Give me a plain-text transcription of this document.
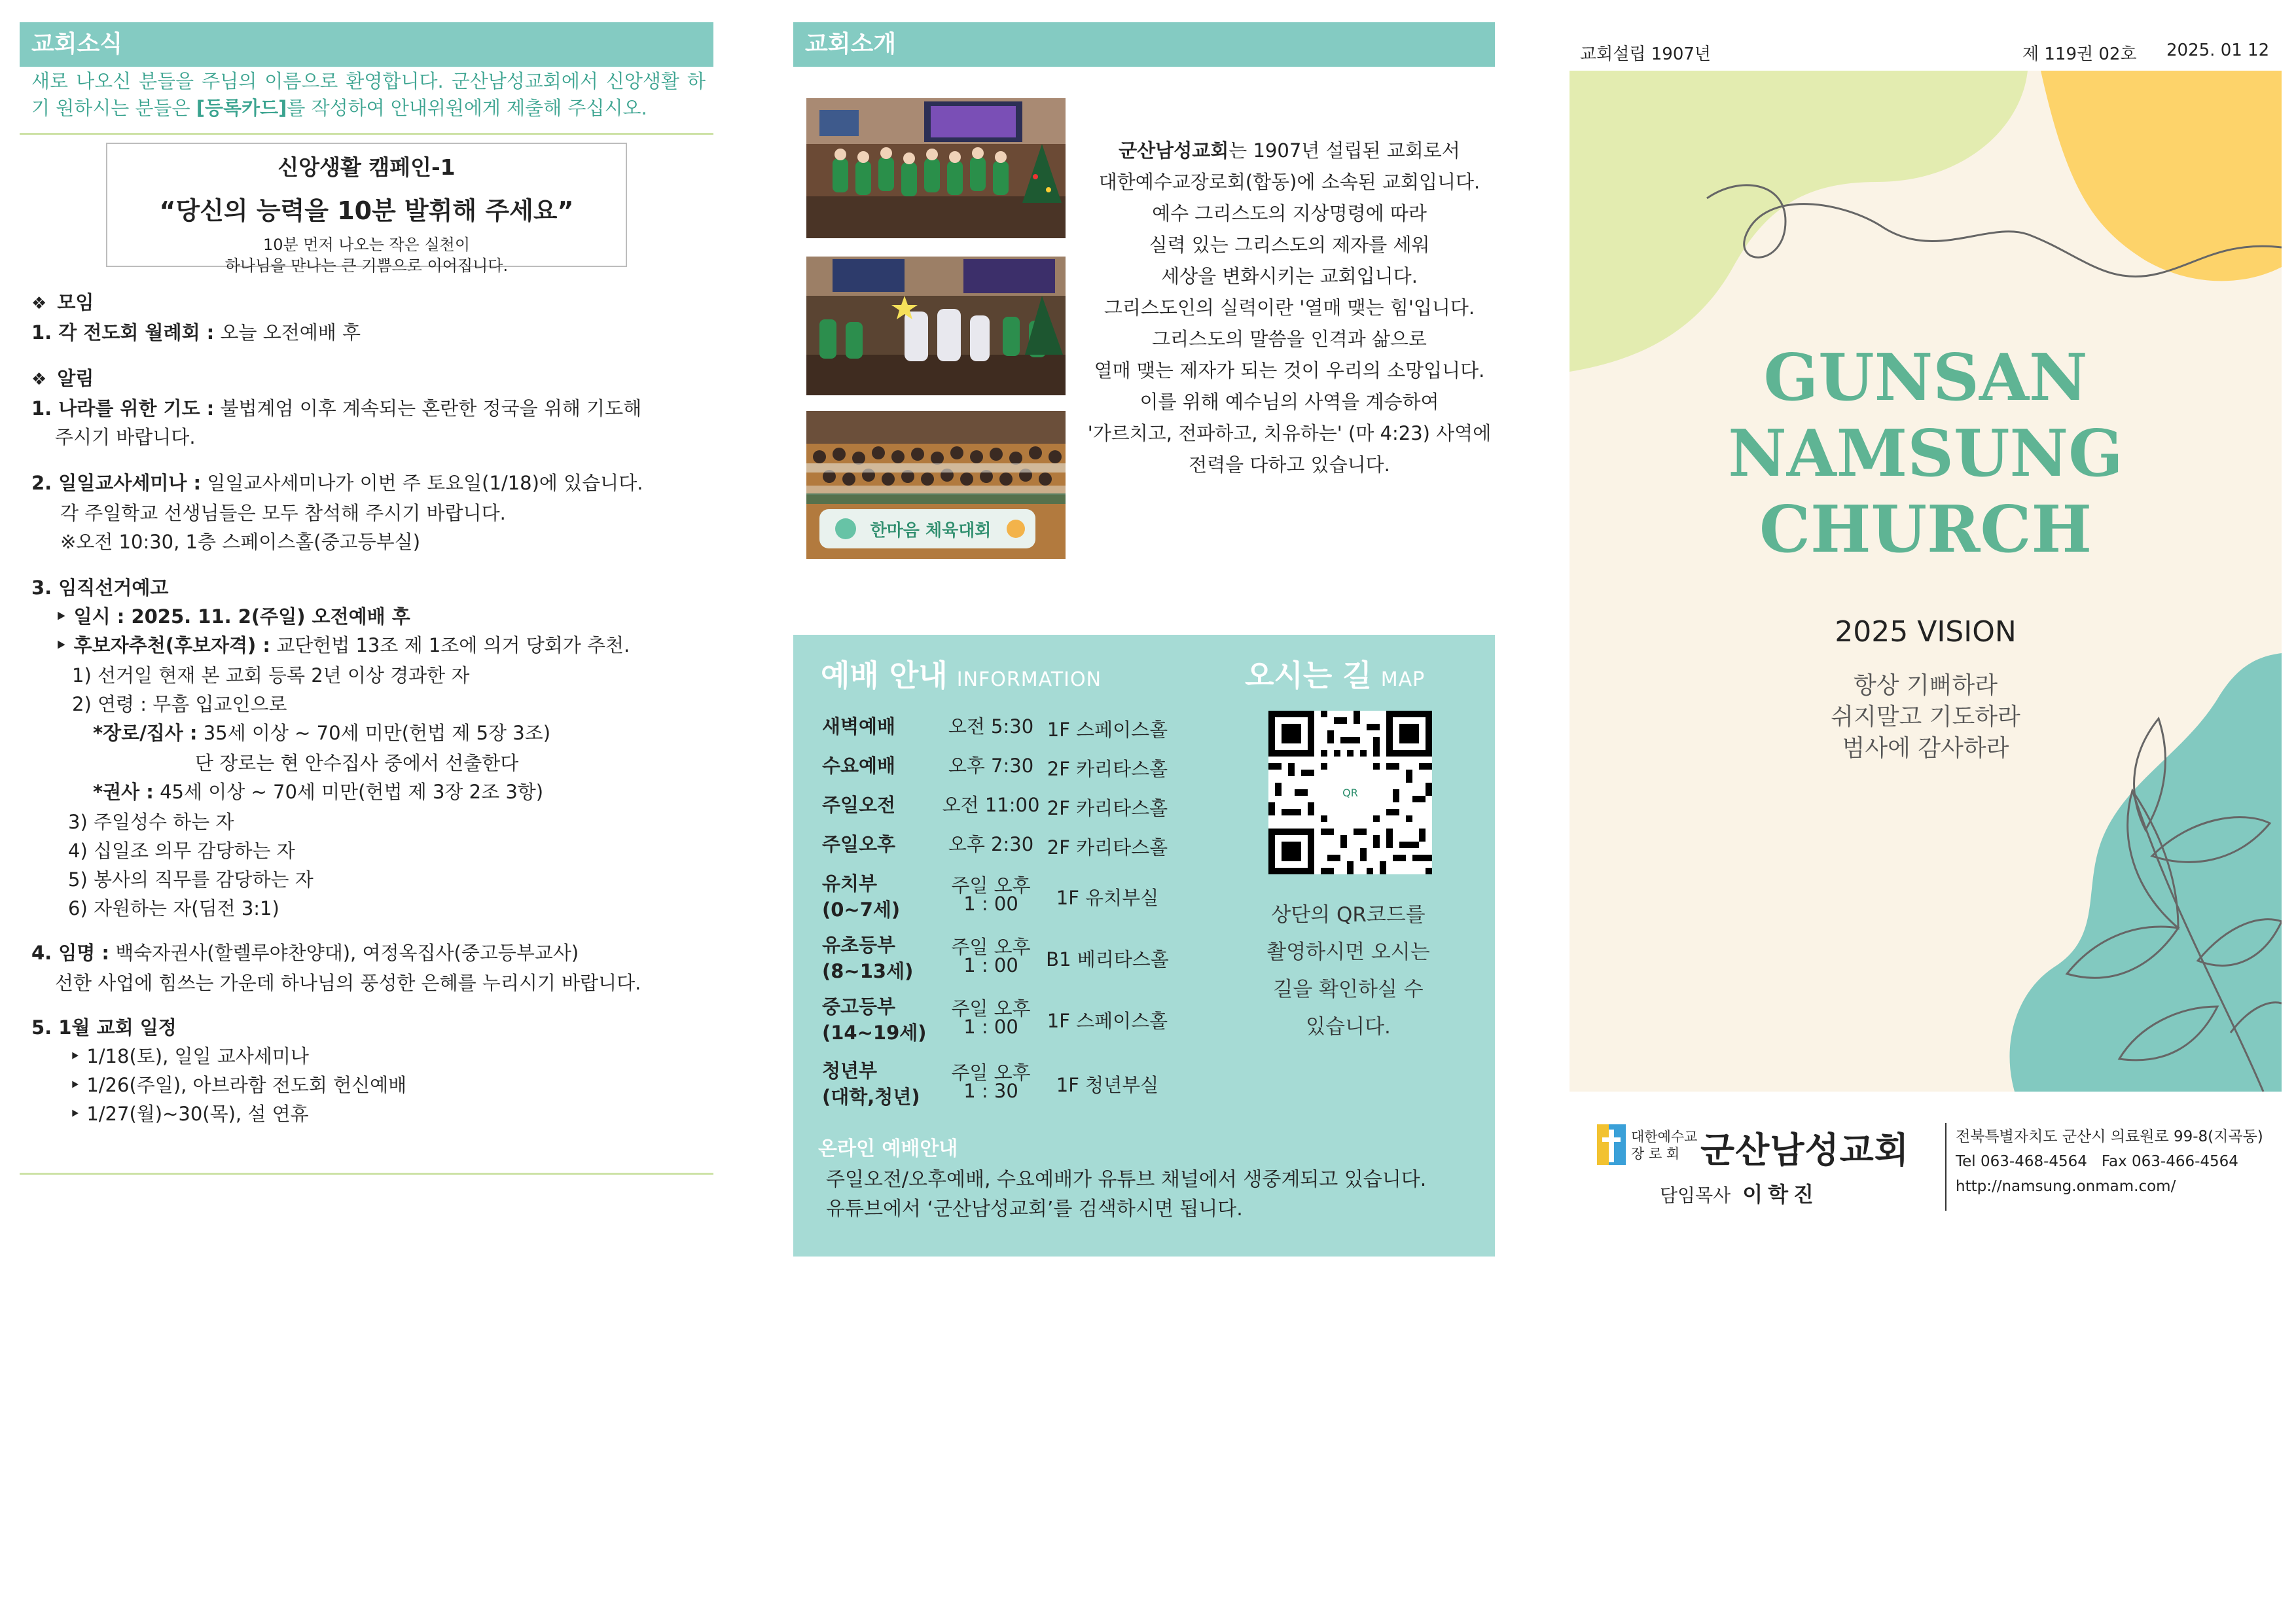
교회소식
새로 나오신 분들을 주님의 이름으로 환영합니다. 군산남성교회에서 신앙생활 하기 원하시는 분들은 [등록카드]를 작성하여 안내위원에게 제출해 주십시오.
신앙생활 캠페인-1
“당신의 능력을 10분 발휘해 주세요”
10분 먼저 나오는 작은 실천이
하나님을 만나는 큰 기쁨으로 이어집니다.
❖ 모임
1. 각 전도회 월례회 : 오늘 오전예배 후
❖ 알림
1. 나라를 위한 기도 : 불법계엄 이후 계속되는 혼란한 정국을 위해 기도해
주시기 바랍니다.
2. 일일교사세미나 : 일일교사세미나가 이번 주 토요일(1/18)에 있습니다.
각 주일학교 선생님들은 모두 참석해 주시기 바랍니다.
※오전 10:30, 1층 스페이스홀(중고등부실)
3. 임직선거예고
‣ 일시 : 2025. 11. 2(주일) 오전예배 후
‣ 후보자추천(후보자격) : 교단헌법 13조 제 1조에 의거 당회가 추천.
1) 선거일 현재 본 교회 등록 2년 이상 경과한 자
2) 연령 : 무흠 입교인으로
*장로/집사 : 35세 이상 ~ 70세 미만(헌법 제 5장 3조)
단 장로는 현 안수집사 중에서 선출한다
*권사 : 45세 이상 ~ 70세 미만(헌법 제 3장 2조 3항)
3) 주일성수 하는 자
4) 십일조 의무 감당하는 자
5) 봉사의 직무를 감당하는 자
6) 자원하는 자(딤전 3:1)
4. 임명 : 백숙자권사(할렐루야찬양대), 여정옥집사(중고등부교사)
선한 사업에 힘쓰는 가운데 하나님의 풍성한 은혜를 누리시기 바랍니다.
5. 1월 교회 일정
‣ 1/18(토), 일일 교사세미나
‣ 1/26(주일), 아브라함 전도회 헌신예배
‣ 1/27(월)~30(목), 설 연휴
교회소개
한마음 체육대회
군산남성교회는 1907년 설립된 교회로서
대한예수교장로회(합동)에 소속된 교회입니다.
예수 그리스도의 지상명령에 따라
실력 있는 그리스도의 제자를 세워
세상을 변화시키는 교회입니다.
그리스도인의 실력이란 '열매 맺는 힘'입니다.
그리스도의 말씀을 인격과 삶으로
열매 맺는 제자가 되는 것이 우리의 소망입니다.
이를 위해 예수님의 사역을 계승하여
'가르치고, 전파하고, 치유하는' (마 4:23) 사역에
전력을 다하고 있습니다.
예배 안내 INFORMATION	오시는 길 MAP
새벽예배	오전 5:30 1F 스페이스홀
수요예배	오후 7:30 2F 카리타스홀
주일오전 오전 11:00 2F 카리타스홀
주일오후	오후 2:30 2F 카리타스홀
유치부
(0~7세)
주일 오후
1 : 00	1F 유치부실
유초등부
(8~13세)
주일 오후
1 : 00	B1 베리타스홀
중고등부
(14~19세)
주일 오후
1 : 00	1F 스페이스홀
청년부
(대학,청년)
주일 오후
1 : 30	1F 청년부실
QR
상단의 QR코드를
촬영하시면 오시는
길을 확인하실 수
있습니다.
온라인 예배안내
주일오전/오후예배, 수요예배가 유튜브 채널에서 생중계되고 있습니다.
유튜브에서 ‘군산남성교회’를 검색하시면 됩니다.
교회설립 1907년	제 119권 02호 2025. 01 12
GUNSAN
NAMSUNG
CHURCH
2025 VISION
항상 기뻐하라
쉬지말고 기도하라
범사에 감사하라
대한예수교
장 로 회 군산남성교회
담임목사 이학진
전북특별자치도 군산시 의료원로 99-8(지곡동)
Tel 063-468-4564 Fax 063-466-4564
http://namsung.onmam.com/
